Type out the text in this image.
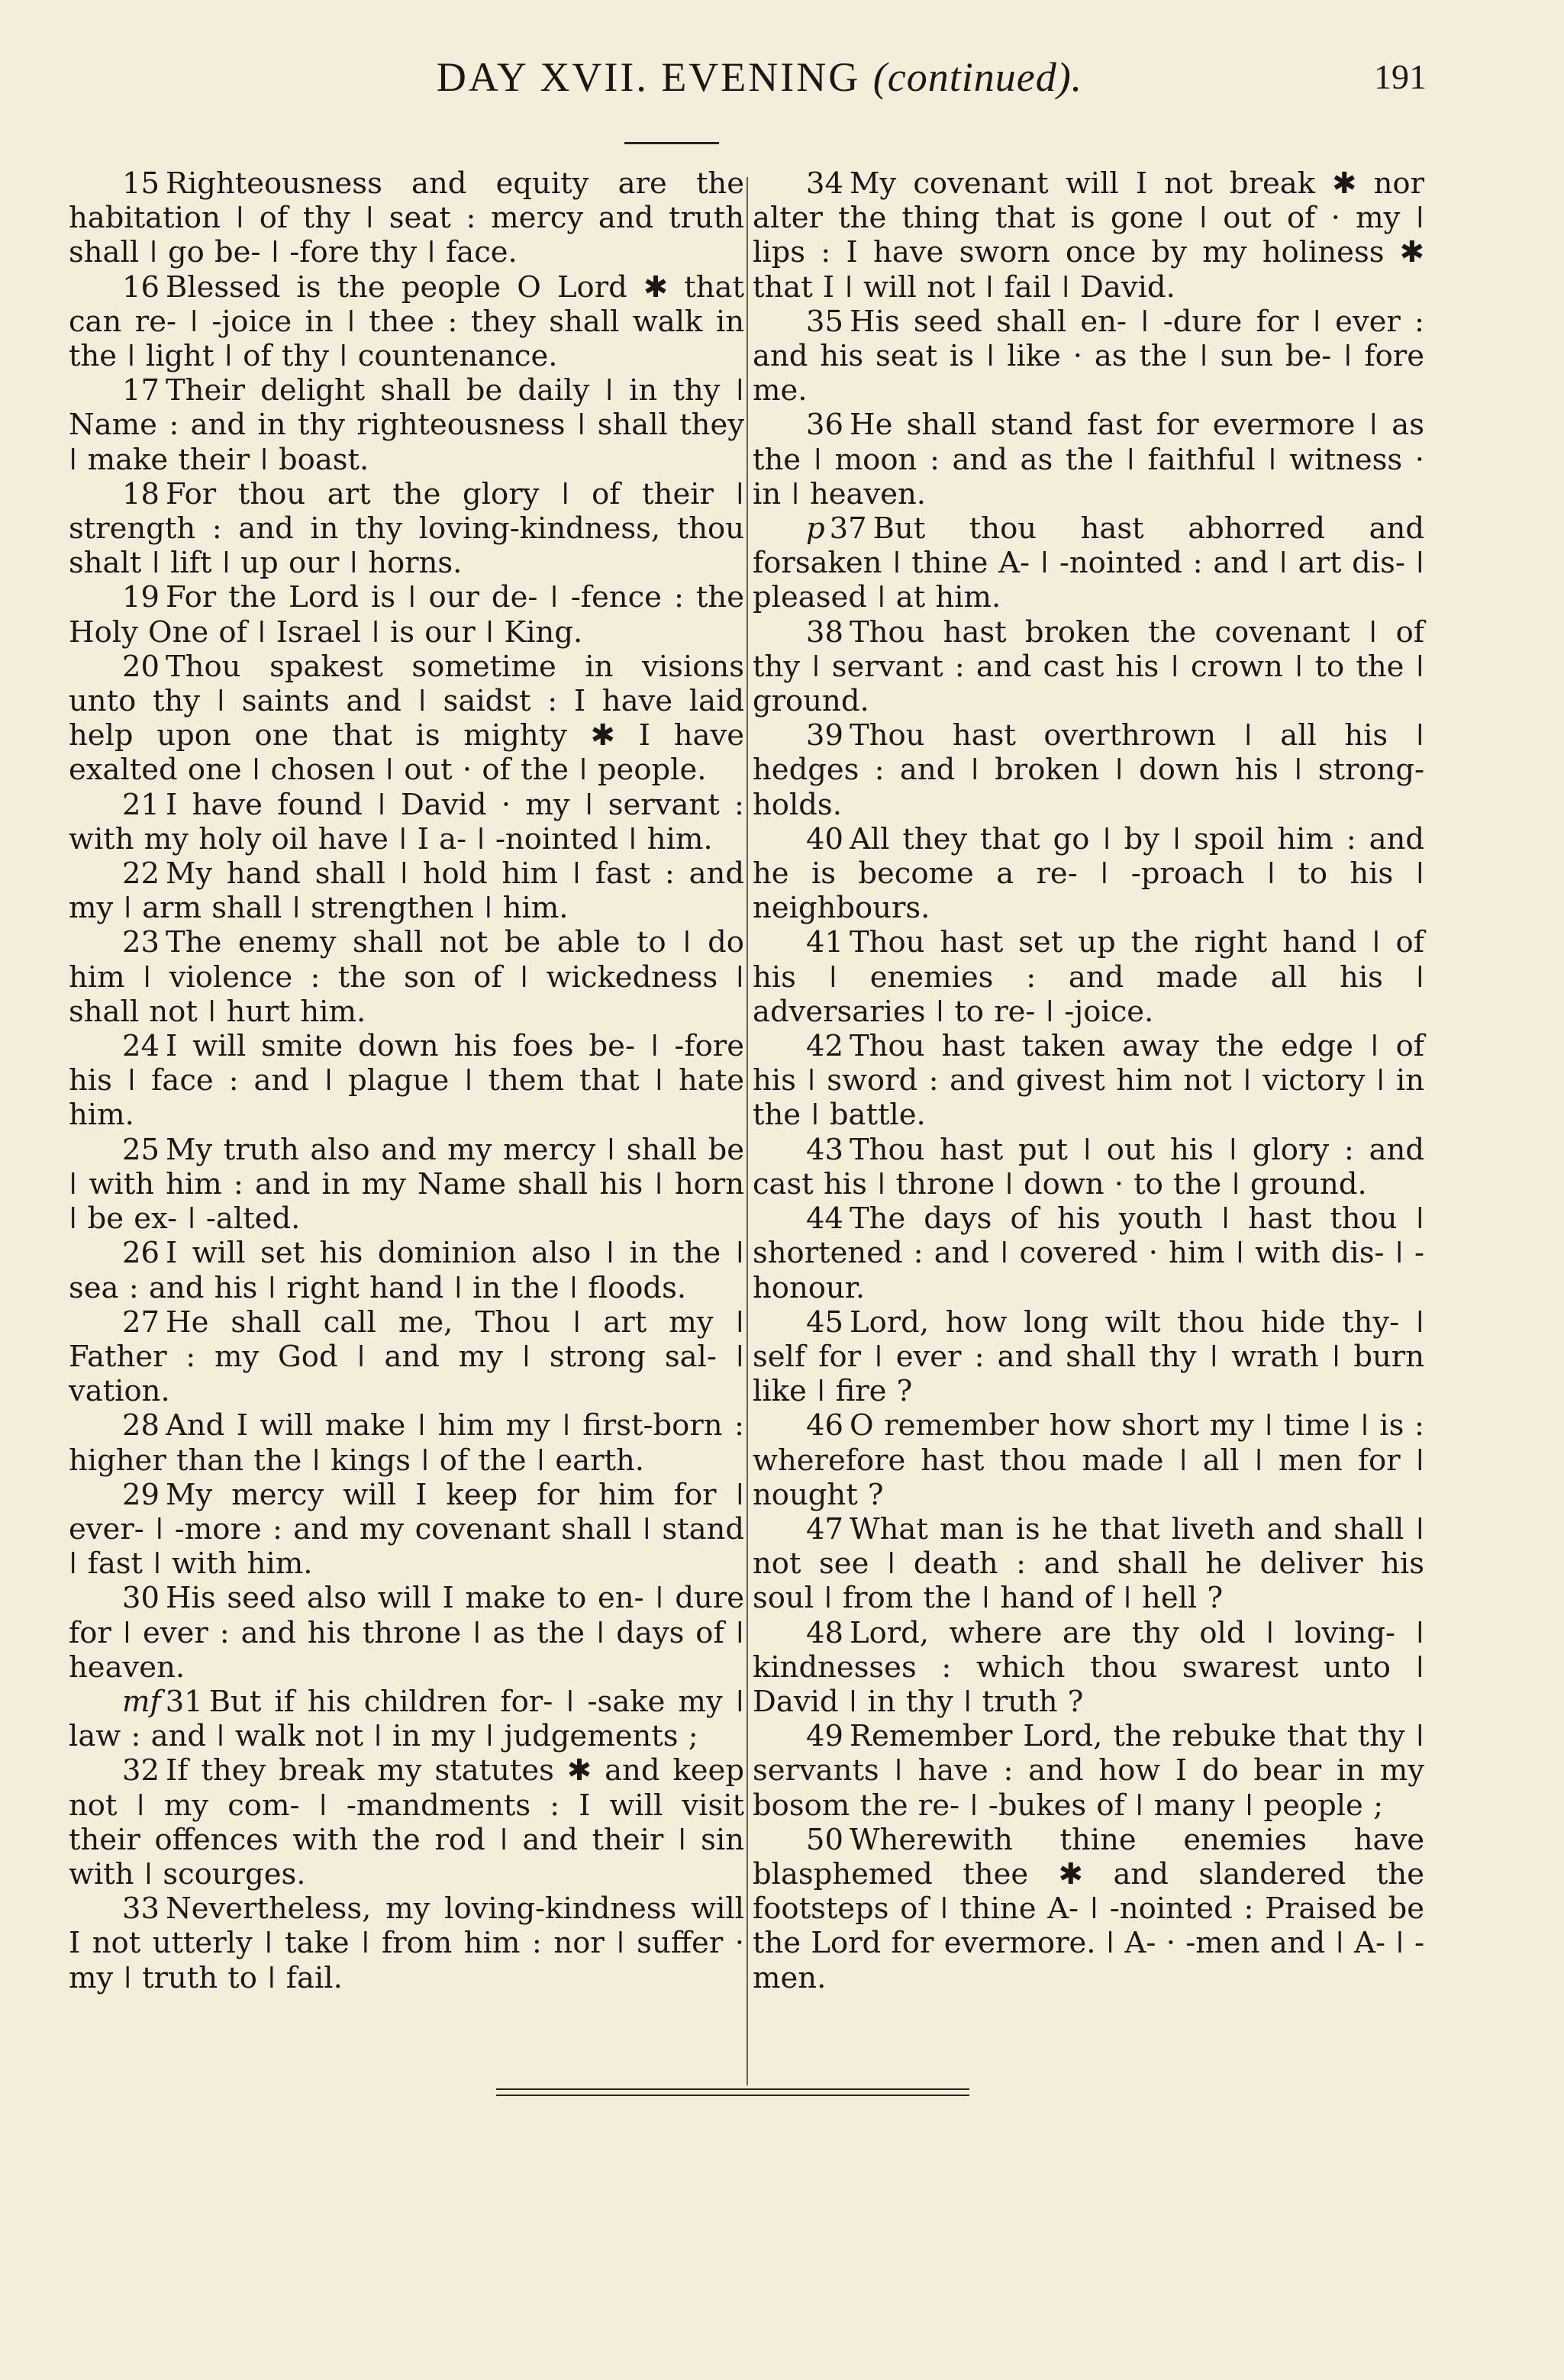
DAY XVII. EVENING (continued).	191

15 Righteousness and equity are the habitation ǀ of thy ǀ seat : mercy and truth shall ǀ go be- ǀ -fore thy ǀ face.

16 Blessed is the people O Lord ✱ that can re- ǀ -joice in ǀ thee : they shall walk in the ǀ light ǀ of thy ǀ countenance.

17 Their delight shall be daily ǀ in thy ǀ Name : and in thy righteousness ǀ shall they ǀ make their ǀ boast.

18 For thou art the glory ǀ of their ǀ strength : and in thy loving-kindness, thou shalt ǀ lift ǀ up our ǀ horns.

19 For the Lord is ǀ our de- ǀ -fence : the Holy One of ǀ Israel ǀ is our ǀ King.

20 Thou spakest sometime in visions unto thy ǀ saints and ǀ saidst : I have laid help upon one that is mighty ✱ I have exalted one ǀ chosen ǀ out · of the ǀ people.

21 I have found ǀ David · my ǀ servant : with my holy oil have ǀ I a- ǀ -nointed ǀ him.

22 My hand shall ǀ hold him ǀ fast : and my ǀ arm shall ǀ strengthen ǀ him.

23 The enemy shall not be able to ǀ do him ǀ violence : the son of ǀ wickedness ǀ shall not ǀ hurt him.

24 I will smite down his foes be- ǀ -fore his ǀ face : and ǀ plague ǀ them that ǀ hate him.

25 My truth also and my mercy ǀ shall be ǀ with him : and in my Name shall his ǀ horn ǀ be ex- ǀ -alted.

26 I will set his dominion also ǀ in the ǀ sea : and his ǀ right hand ǀ in the ǀ floods.

27 He shall call me, Thou ǀ art my ǀ Father : my God ǀ and my ǀ strong sal- ǀ vation.

28 And I will make ǀ him my ǀ first-born : higher than the ǀ kings ǀ of the ǀ earth.

29 My mercy will I keep for him for ǀ ever- ǀ -more : and my covenant shall ǀ stand ǀ fast ǀ with him.

30 His seed also will I make to en- ǀ dure for ǀ ever : and his throne ǀ as the ǀ days of ǀ heaven.

mf 31 But if his children for- ǀ -sake my ǀ law : and ǀ walk not ǀ in my ǀ judgements ;

32 If they break my statutes ✱ and keep not ǀ my com- ǀ -mandments : I will visit their offences with the rod ǀ and their ǀ sin with ǀ scourges.

33 Nevertheless, my loving-kindness will I not utterly ǀ take ǀ from him : nor ǀ suffer · my ǀ truth to ǀ fail.

34 My covenant will I not break ✱ nor alter the thing that is gone ǀ out of · my ǀ lips : I have sworn once by my holiness ✱ that I ǀ will not ǀ fail ǀ David.

35 His seed shall en- ǀ -dure for ǀ ever : and his seat is ǀ like · as the ǀ sun be- ǀ fore me.

36 He shall stand fast for evermore ǀ as the ǀ moon : and as the ǀ faithful ǀ witness · in ǀ heaven.

p 37 But thou hast abhorred and forsaken ǀ thine A- ǀ -nointed : and ǀ art dis- ǀ pleased ǀ at him.

38 Thou hast broken the covenant ǀ of thy ǀ servant : and cast his ǀ crown ǀ to the ǀ ground.

39 Thou hast overthrown ǀ all his ǀ hedges : and ǀ broken ǀ down his ǀ strong-holds.

40 All they that go ǀ by ǀ spoil him : and he is become a re- ǀ -proach ǀ to his ǀ neighbours.

41 Thou hast set up the right hand ǀ of his ǀ enemies : and made all his ǀ adversaries ǀ to re- ǀ -joice.

42 Thou hast taken away the edge ǀ of his ǀ sword : and givest him not ǀ victory ǀ in the ǀ battle.

43 Thou hast put ǀ out his ǀ glory : and cast his ǀ throne ǀ down · to the ǀ ground.

44 The days of his youth ǀ hast thou ǀ shortened : and ǀ covered · him ǀ with dis- ǀ -honour.

45 Lord, how long wilt thou hide thy- ǀ self for ǀ ever : and shall thy ǀ wrath ǀ burn like ǀ fire ?

46 O remember how short my ǀ time ǀ is : wherefore hast thou made ǀ all ǀ men for ǀ nought ?

47 What man is he that liveth and shall ǀ not see ǀ death : and shall he deliver his soul ǀ from the ǀ hand of ǀ hell ?

48 Lord, where are thy old ǀ loving- ǀ kindnesses : which thou swarest unto ǀ David ǀ in thy ǀ truth ?

49 Remember Lord, the rebuke that thy ǀ servants ǀ have : and how I do bear in my bosom the re- ǀ -bukes of ǀ many ǀ people ;

50 Wherewith thine enemies have blasphemed thee ✱ and slandered the footsteps of ǀ thine A- ǀ -nointed : Praised be the Lord for evermore. ǀ A- · -men and ǀ A- ǀ -men.
